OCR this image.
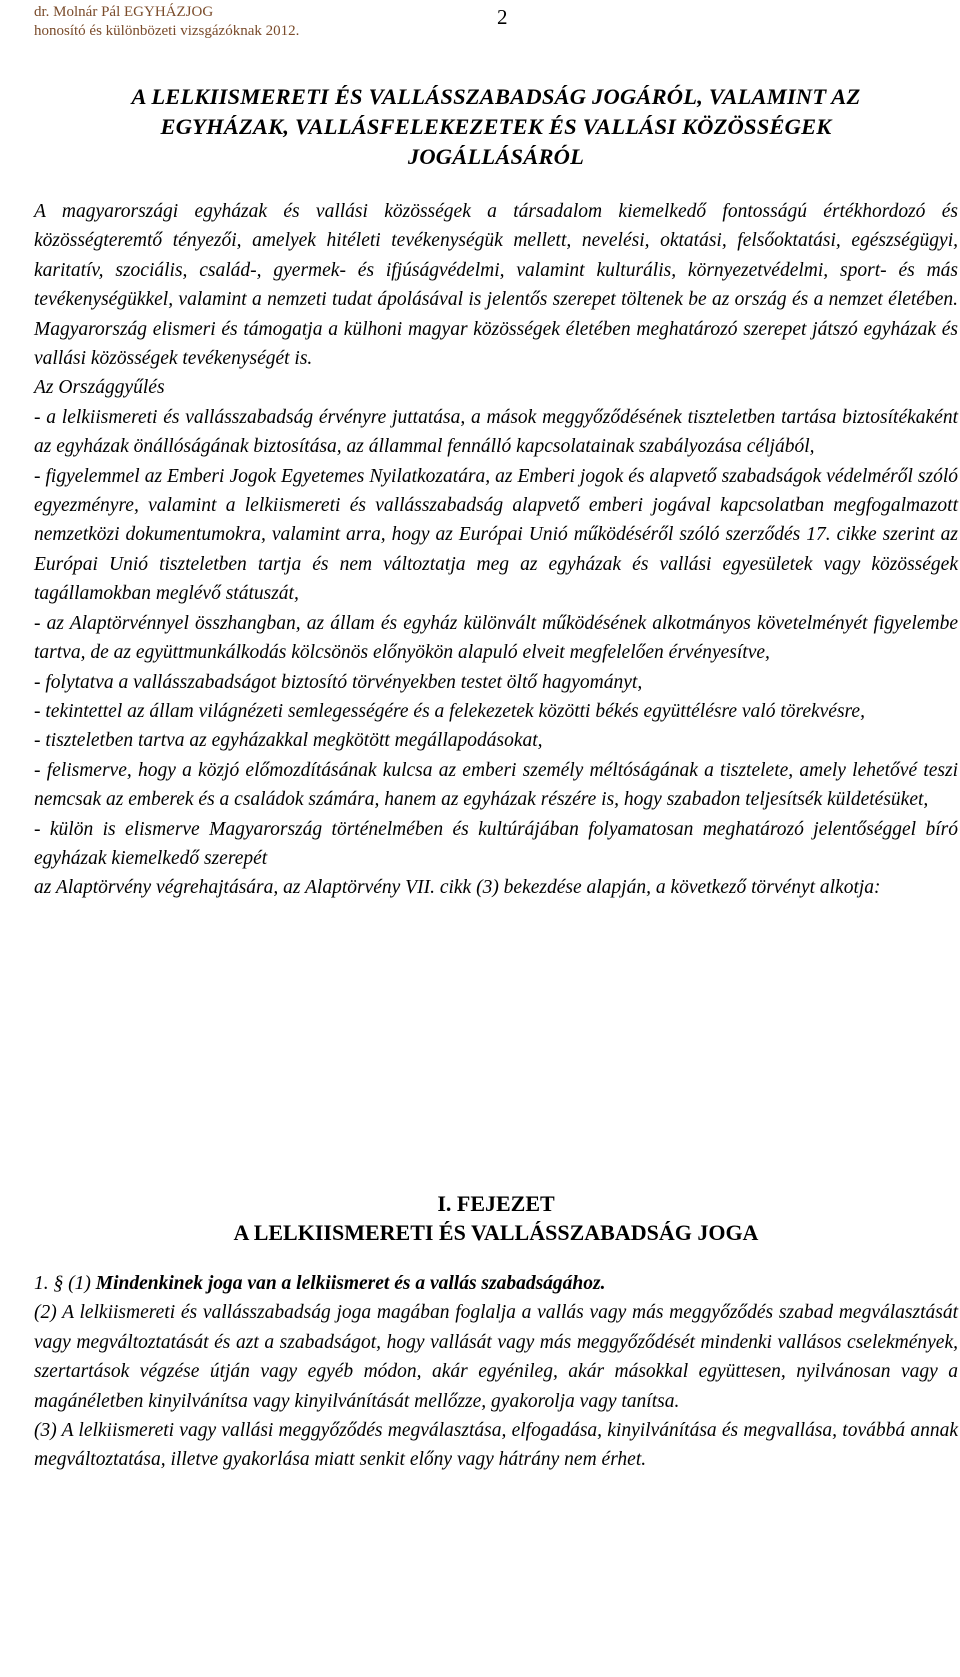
dr. Molnár Pál EGYHÁZJOG
honosító és különbözeti vizsgázóknak 2012.
2
A LELKIISMERETI ÉS VALLÁSSZABADSÁG JOGÁRÓL, VALAMINT AZ
EGYHÁZAK, VALLÁSFELEKEZETEK ÉS VALLÁSI KÖZÖSSÉGEK
JOGÁLLÁSÁRÓL

A magyarországi egyházak és vallási közösségek a társadalom kiemelkedő fontosságú értékhordozó és közösségteremtő tényezői, amelyek hitéleti tevékenységük mellett, nevelési, oktatási, felsőoktatási, egészségügyi, karitatív, szociális, család-, gyermek- és ifjúságvédelmi, valamint kulturális, környezetvédelmi, sport- és más tevékenységükkel, valamint a nemzeti tudat ápolásával is jelentős szerepet töltenek be az ország és a nemzet életében. Magyarország elismeri és támogatja a külhoni magyar közösségek életében meghatározó szerepet játszó egyházak és vallási közösségek tevékenységét is.

Az Országgyűlés

- a lelkiismereti és vallásszabadság érvényre juttatása, a mások meggyőződésének tiszteletben tartása biztosítékaként az egyházak önállóságának biztosítása, az állammal fennálló kapcsolatainak szabályozása céljából,

- figyelemmel az Emberi Jogok Egyetemes Nyilatkozatára, az Emberi jogok és alapvető szabadságok védelméről szóló egyezményre, valamint a lelkiismereti és vallásszabadság alapvető emberi jogával kapcsolatban megfogalmazott nemzetközi dokumentumokra, valamint arra, hogy az Európai Unió működéséről szóló szerződés 17. cikke szerint az Európai Unió tiszteletben tartja és nem változtatja meg az egyházak és vallási egyesületek vagy közösségek tagállamokban meglévő státuszát,

- az Alaptörvénnyel összhangban, az állam és egyház különvált működésének alkotmányos követelményét figyelembe tartva, de az együttmunkálkodás kölcsönös előnyökön alapuló elveit megfelelően érvényesítve,

- folytatva a vallásszabadságot biztosító törvényekben testet öltő hagyományt,

- tekintettel az állam világnézeti semlegességére és a felekezetek közötti békés együttélésre való törekvésre,

- tiszteletben tartva az egyházakkal megkötött megállapodásokat,

- felismerve, hogy a közjó előmozdításának kulcsa az emberi személy méltóságának a tisztelete, amely lehetővé teszi nemcsak az emberek és a családok számára, hanem az egyházak részére is, hogy szabadon teljesítsék küldetésüket,

- külön is elismerve Magyarország történelmében és kultúrájában folyamatosan meghatározó jelentőséggel bíró egyházak kiemelkedő szerepét

az Alaptörvény végrehajtására, az Alaptörvény VII. cikk (3) bekezdése alapján, a következő törvényt alkotja:

I. FEJEZET
A LELKIISMERETI ÉS VALLÁSSZABADSÁG JOGA

1. § (1) Mindenkinek joga van a lelkiismeret és a vallás szabadságához.

(2) A lelkiismereti és vallásszabadság joga magában foglalja a vallás vagy más meggyőződés szabad megválasztását vagy megváltoztatását és azt a szabadságot, hogy vallását vagy más meggyőződését mindenki vallásos cselekmények, szertartások végzése útján vagy egyéb módon, akár egyénileg, akár másokkal együttesen, nyilvánosan vagy a magánéletben kinyilvánítsa vagy kinyilvánítását mellőzze, gyakorolja vagy tanítsa.

(3) A lelkiismereti vagy vallási meggyőződés megválasztása, elfogadása, kinyilvánítása és megvallása, továbbá annak megváltoztatása, illetve gyakorlása miatt senkit előny vagy hátrány nem érhet.
